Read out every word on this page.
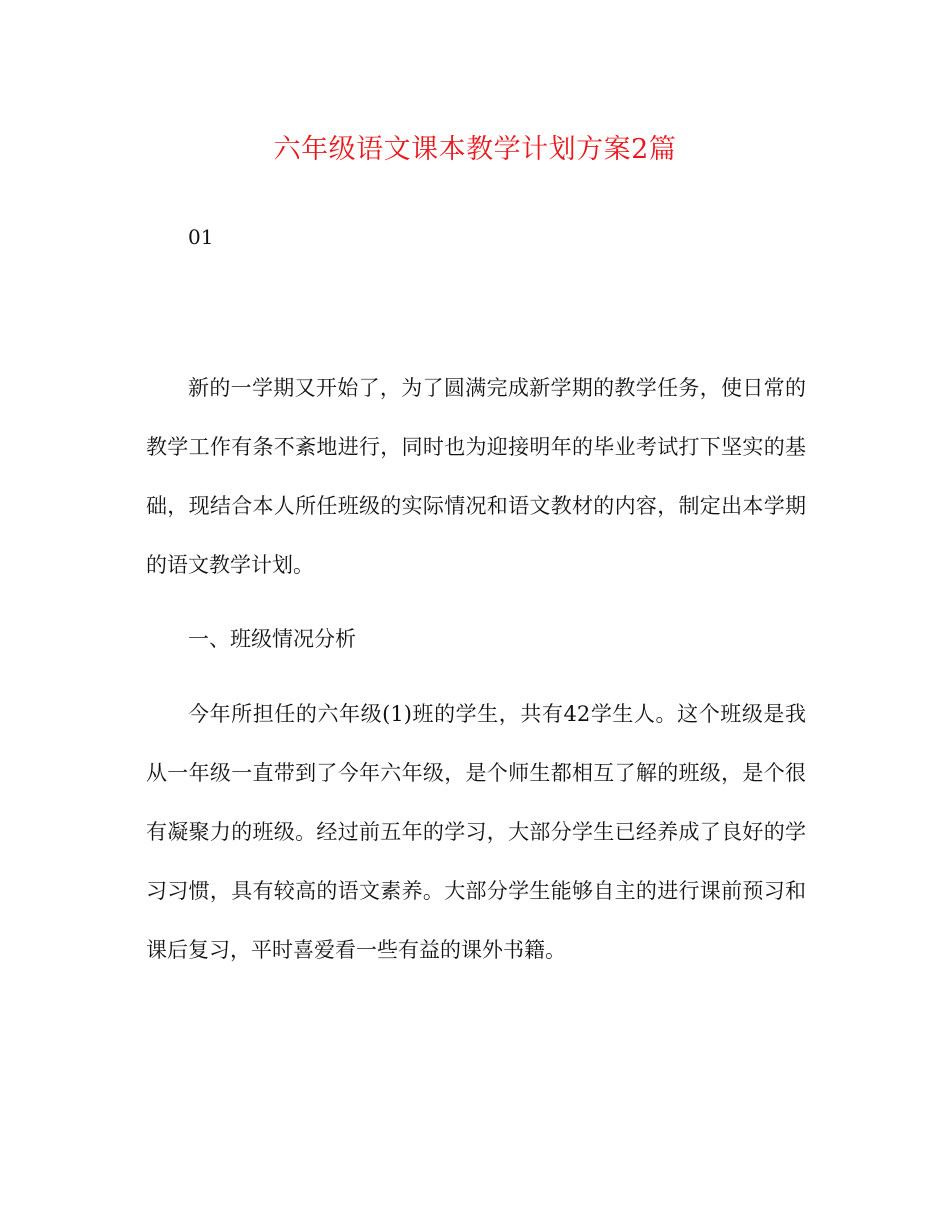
六年级语文课本教学计划方案2篇
01

新的一学期又开始了，为了圆满完成新学期的教学任务，使日常的教学工作有条不紊地进行，同时也为迎接明年的毕业考试打下坚实的基础，现结合本人所任班级的实际情况和语文教材的内容，制定出本学期的语文教学计划。

一、班级情况分析

今年所担任的六年级(1)班的学生，共有42学生人。这个班级是我从一年级一直带到了今年六年级，是个师生都相互了解的班级，是个很有凝聚力的班级。经过前五年的学习，大部分学生已经养成了良好的学习习惯，具有较高的语文素养。大部分学生能够自主的进行课前预习和课后复习，平时喜爱看一些有益的课外书籍。
